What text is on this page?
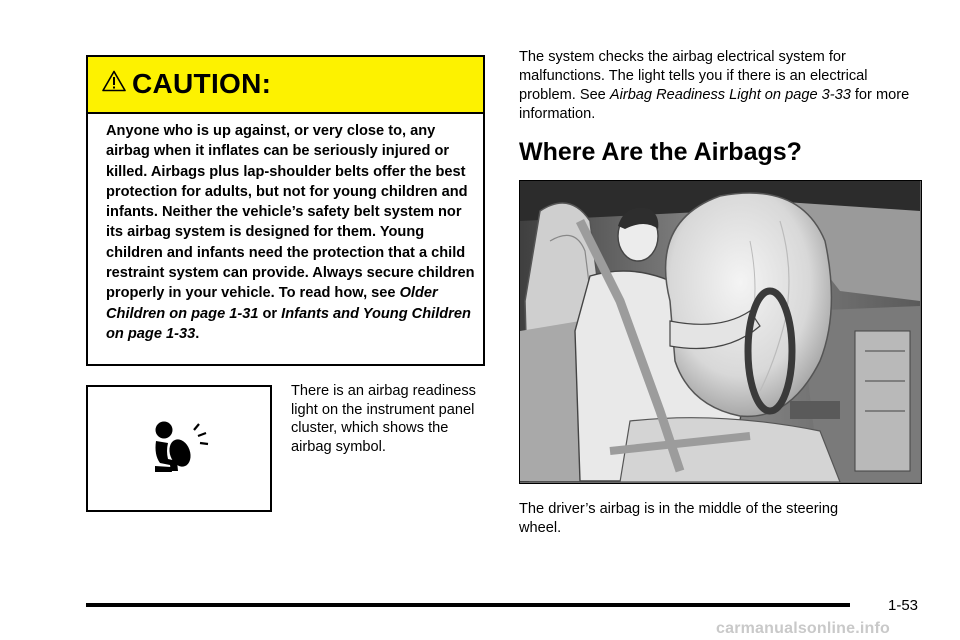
CAUTION:
Anyone who is up against, or very close to, any airbag when it inflates can be seriously injured or killed. Airbags plus lap-shoulder belts offer the best protection for adults, but not for young children and infants. Neither the vehicle’s safety belt system nor its airbag system is designed for them. Young children and infants need the protection that a child restraint system can provide. Always secure children properly in your vehicle. To read how, see Older Children on page 1-31 or Infants and Young Children on page 1-33.
There is an airbag readiness light on the instrument panel cluster, which shows the airbag symbol.
The system checks the airbag electrical system for malfunctions. The light tells you if there is an electrical problem. See Airbag Readiness Light on page 3-33 for more information.
Where Are the Airbags?
The driver’s airbag is in the middle of the steering wheel.
1-53
carmanualsonline.info
